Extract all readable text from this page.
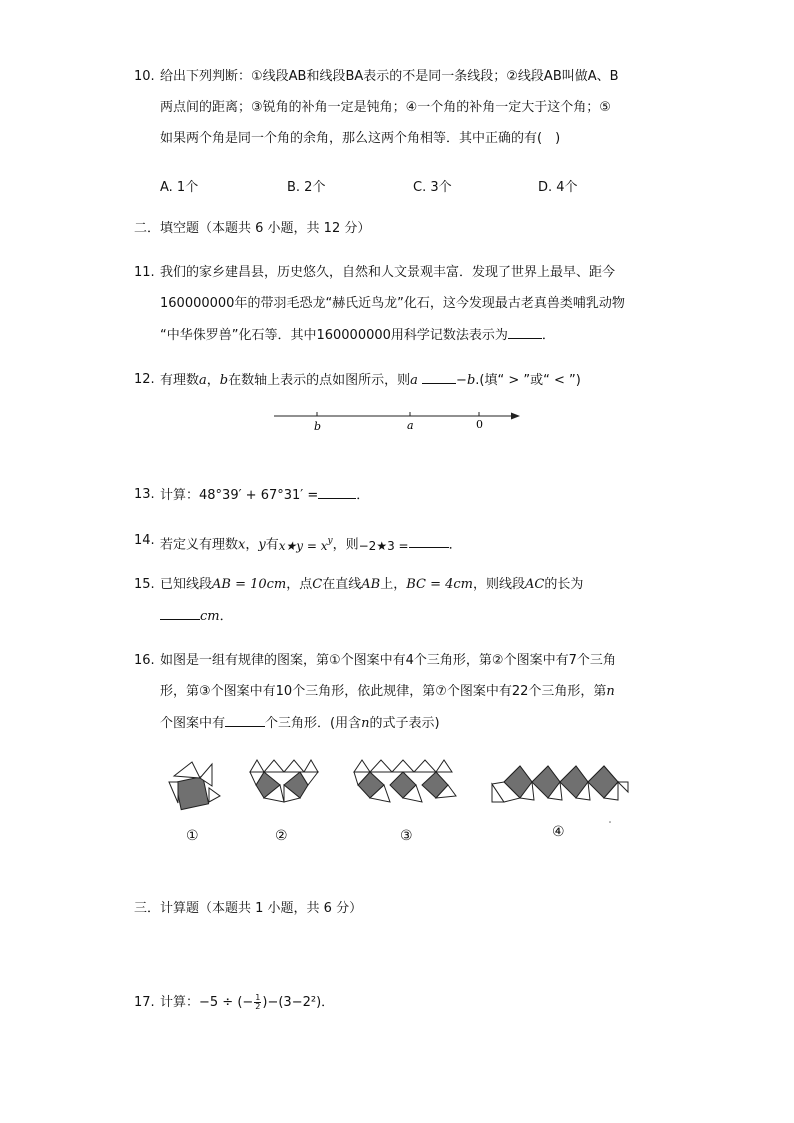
10. 给出下列判断：①线段AB和线段BA表示的不是同一条线段；②线段AB叫做A、B
两点间的距离；③锐角的补角一定是钝角；④一个角的补角一定大于这个角；⑤
如果两个角是同一个角的余角，那么这两个角相等．其中正确的有(　)
A. 1个	B. 2个	C. 3个	D. 4个
二．填空题（本题共 6 小题，共 12 分）
11. 我们的家乡建昌县，历史悠久，自然和人文景观丰富．发现了世界上最早、距今
160000000年的带羽毛恐龙“赫氏近鸟龙”化石，这今发现最古老真兽类哺乳动物
“中华侏罗兽”化石等．其中160000000用科学记数法表示为	．
12. 有理数a，b在数轴上表示的点如图所示，则a	−b.(填“ > ”或“ < ”)
b	a	0
13. 计算：48°39′ + 67°31′ =	．
14. 若定义有理数x，y有x★y = $x^y$，则−2★3 =	．
15. 已知线段AB = 10cm，点C在直线AB上，BC = 4cm，则线段AC的长为
cm．
16. 如图是一组有规律的图案，第①个图案中有4个三角形，第②个图案中有7个三角
形，第③个图案中有10个三角形，依此规律，第⑦个图案中有22个三角形，第n
个图案中有	个三角形．(用含n的式子表示)
①	②	③	④
三．计算题（本题共 1 小题，共 6 分）
17. 计算：−5 ÷ (− $\frac{1}{2} )-(3-2^2)$．
